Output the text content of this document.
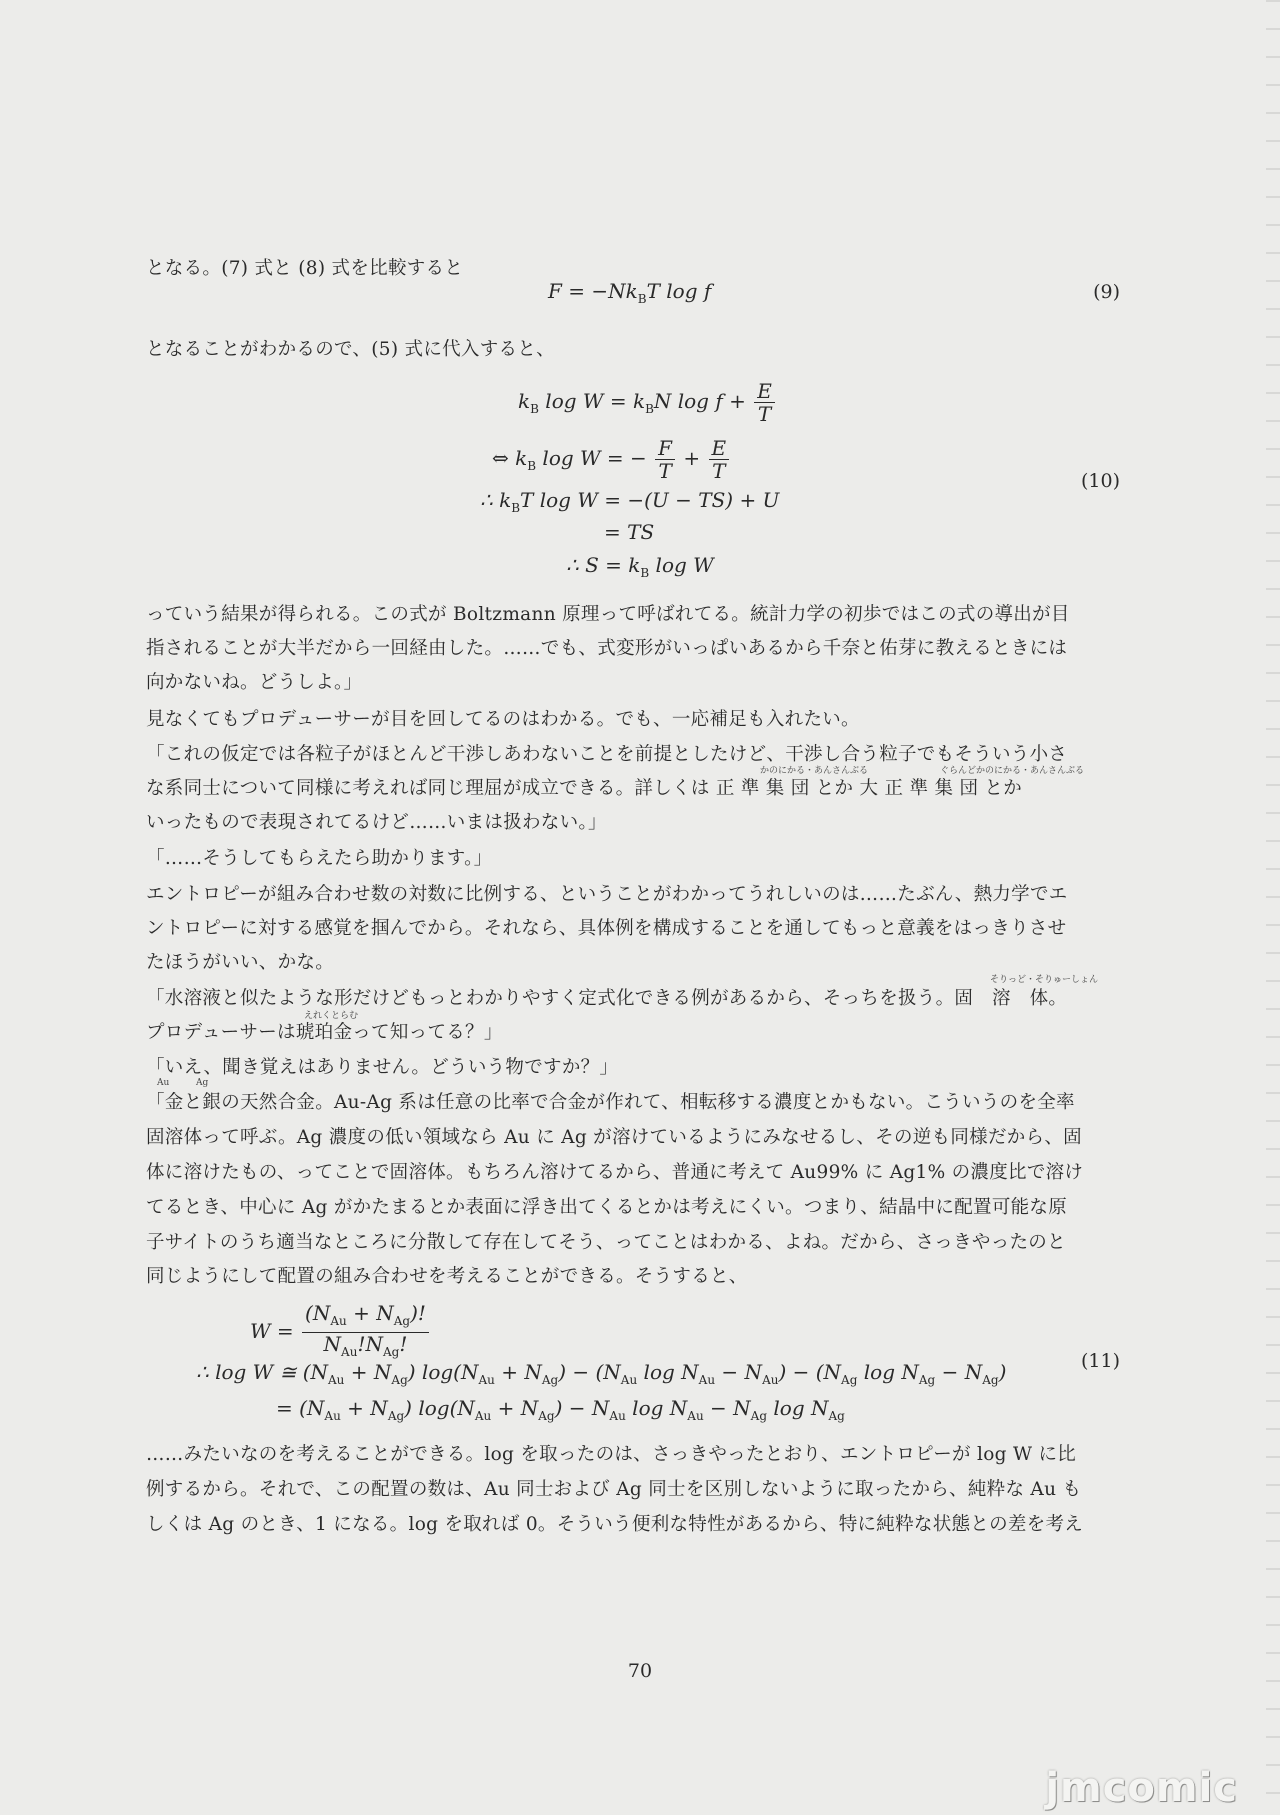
となる。(7) 式と (8) 式を比較すると
$F = -Nk_BT$ log f	(9)
となることがわかるので、(5) 式に代入すると、
$k_B$ $\log W = k_BN$ $\log f + \frac{E}{T}$
⇔ $k_B$ log W = − $\frac{F}{T} + \frac{E}{T}$
∴ $k_BT$ log W = −(U − TS) + U
= TS
∴ $S = k_B$ log W
(10)
っていう結果が得られる。この式が Boltzmann 原理って呼ばれてる。統計力学の初歩ではこの式の導出が目
指されることが大半だから一回経由した。……でも、式変形がいっぱいあるから千奈と佑芽に教えるときには
向かないね。どうしよ。」
見なくてもプロデューサーが目を回してるのはわかる。でも、一応補足も入れたい。
「これの仮定では各粒子がほとんど干渉しあわないことを前提としたけど、干渉し合う粒子でもそういう小さ
かのにかる・あんさんぶる	ぐらんどかのにかる・あんさんぶる
な系同士について同様に考えれば同じ理屈が成立できる。詳しくは 正 準 集 団 とか 大 正 準 集 団 とか
いったもので表現されてるけど……いまは扱わない。」
「……そうしてもらえたら助かります。」
エントロピーが組み合わせ数の対数に比例する、ということがわかってうれしいのは……たぶん、熱力学でエ
ントロピーに対する感覚を掴んでから。それなら、具体例を構成することを通してもっと意義をはっきりさせ
たほうがいい、かな。
そりっど・そりゅーしょん
「水溶液と似たような形だけどもっとわかりやすく定式化できる例があるから、そっちを扱う。固　溶　体。
えれくとらむ
プロデューサーは琥珀金って知ってる？」
「いえ、聞き覚えはありません。どういう物ですか？」
Au	Ag
「金と銀の天然合金。Au-Ag 系は任意の比率で合金が作れて、相転移する濃度とかもない。こういうのを全率
固溶体って呼ぶ。Ag 濃度の低い領域なら Au に Ag が溶けているようにみなせるし、その逆も同様だから、固
体に溶けたもの、ってことで固溶体。もちろん溶けてるから、普通に考えて Au99% に Ag1% の濃度比で溶け
てるとき、中心に Ag がかたまるとか表面に浮き出てくるとかは考えにくい。つまり、結晶中に配置可能な原
子サイトのうち適当なところに分散して存在してそう、ってことはわかる、よね。だから、さっきやったのと
同じようにして配置の組み合わせを考えることができる。そうすると、
$W = \frac{(N_{Au} + N_{Ag})!}{N_{Au}!N_{Ag}!}$
∴ log W ≅ $(N_{Au} + N_{Ag}) \log(N_{Au} + N_{Ag}) - (N_{Au}$ $\log N_{Au} - N_{Au}) - (N_{Ag}$ $\log N_{Ag} - N_{Ag}$)
= $(N_{Au} + N_{Ag}) \log(N_{Au} + N_{Ag}) - N_{Au}$ $\log N_{Au} - N_{Ag}$ $\log N_{Ag}$
(11)
……みたいなのを考えることができる。log を取ったのは、さっきやったとおり、エントロピーが log W に比
例するから。それで、この配置の数は、Au 同士および Ag 同士を区別しないように取ったから、純粋な Au も
しくは Ag のとき、1 になる。log を取れば 0。そういう便利な特性があるから、特に純粋な状態との差を考え
70
jmcomic
